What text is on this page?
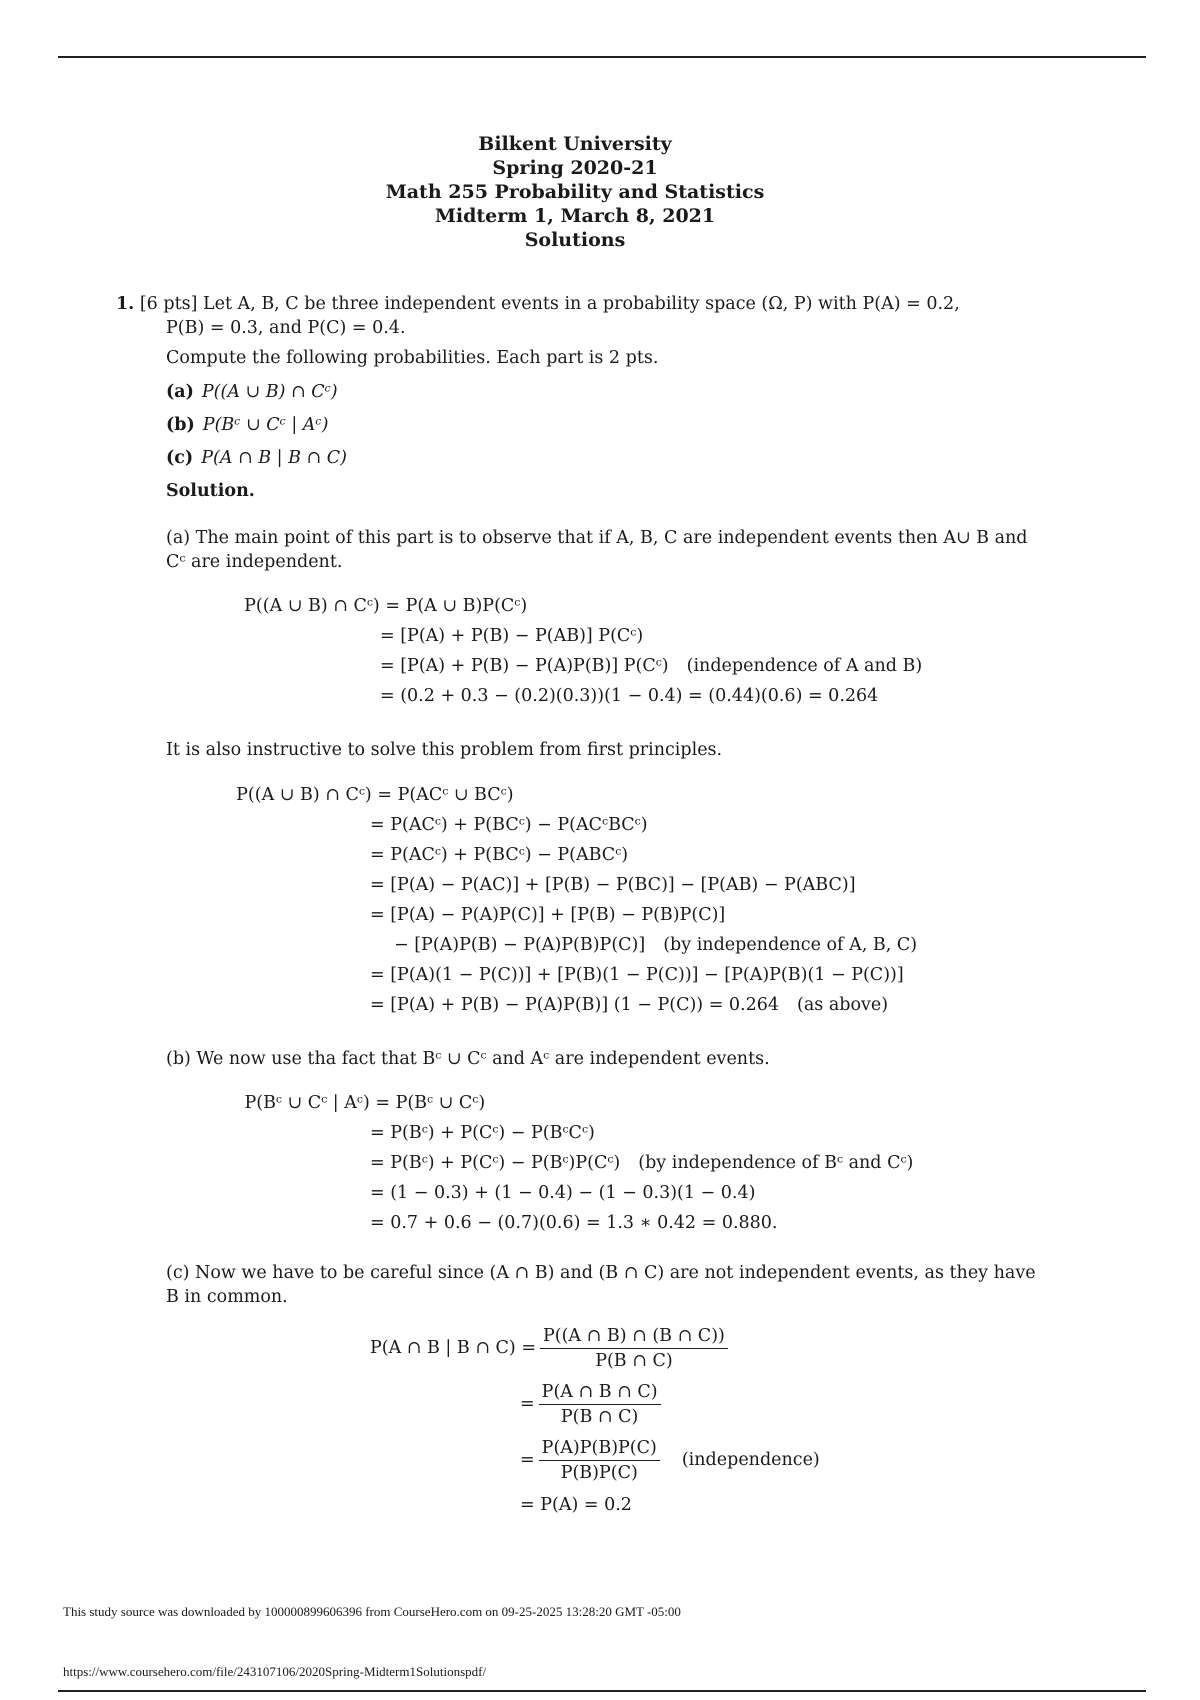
Bilkent University
Spring 2020-21
Math 255 Probability and Statistics
Midterm 1, March 8, 2021
Solutions
1. [6 pts] Let A, B, C be three independent events in a probability space (Ω, P) with P(A) = 0.2,
P(B) = 0.3, and P(C) = 0.4.
Compute the following probabilities. Each part is 2 pts.
(a) P((A ∪ B) ∩ Cᶜ)
(b) P(Bᶜ ∪ Cᶜ | Aᶜ)
(c) P(A ∩ B | B ∩ C)
Solution.
(a) The main point of this part is to observe that if A, B, C are independent events then A∪ B and
Cᶜ are independent.
P((A ∪ B) ∩ Cᶜ) = P(A ∪ B)P(Cᶜ)
= [P(A) + P(B) − P(AB)] P(Cᶜ)
= [P(A) + P(B) − P(A)P(B)] P(Cᶜ) (independence of A and B)
= (0.2 + 0.3 − (0.2)(0.3))(1 − 0.4) = (0.44)(0.6) = 0.264
It is also instructive to solve this problem from first principles.
P((A ∪ B) ∩ Cᶜ) = P(ACᶜ ∪ BCᶜ)
= P(ACᶜ) + P(BCᶜ) − P(ACᶜBCᶜ)
= P(ACᶜ) + P(BCᶜ) − P(ABCᶜ)
= [P(A) − P(AC)] + [P(B) − P(BC)] − [P(AB) − P(ABC)]
= [P(A) − P(A)P(C)] + [P(B) − P(B)P(C)]
− [P(A)P(B) − P(A)P(B)P(C)] (by independence of A, B, C)
= [P(A)(1 − P(C))] + [P(B)(1 − P(C))] − [P(A)P(B)(1 − P(C))]
= [P(A) + P(B) − P(A)P(B)] (1 − P(C)) = 0.264 (as above)
(b) We now use tha fact that Bᶜ ∪ Cᶜ and Aᶜ are independent events.
P(Bᶜ ∪ Cᶜ | Aᶜ) = P(Bᶜ ∪ Cᶜ)
= P(Bᶜ) + P(Cᶜ) − P(BᶜCᶜ)
= P(Bᶜ) + P(Cᶜ) − P(Bᶜ)P(Cᶜ) (by independence of Bᶜ and Cᶜ)
= (1 − 0.3) + (1 − 0.4) − (1 − 0.3)(1 − 0.4)
= 0.7 + 0.6 − (0.7)(0.6) = 1.3 ∗ 0.42 = 0.880.
(c) Now we have to be careful since (A ∩ B) and (B ∩ C) are not independent events, as they have
B in common.
P(A ∩ B | B ∩ $C) = \frac{P((A \cap B) \cap (B \cap C))}{P(B \cap C)}$
= $\frac{P(A \cap B \cap C)}{P(B \cap C)}$
= $\frac{P(A)P(B)P(C)}{P(B)P(C)}$ (independence)
= P(A) = 0.2
This study source was downloaded by 100000899606396 from CourseHero.com on 09-25-2025 13:28:20 GMT -05:00
https://www.coursehero.com/file/243107106/2020Spring-Midterm1Solutionspdf/
